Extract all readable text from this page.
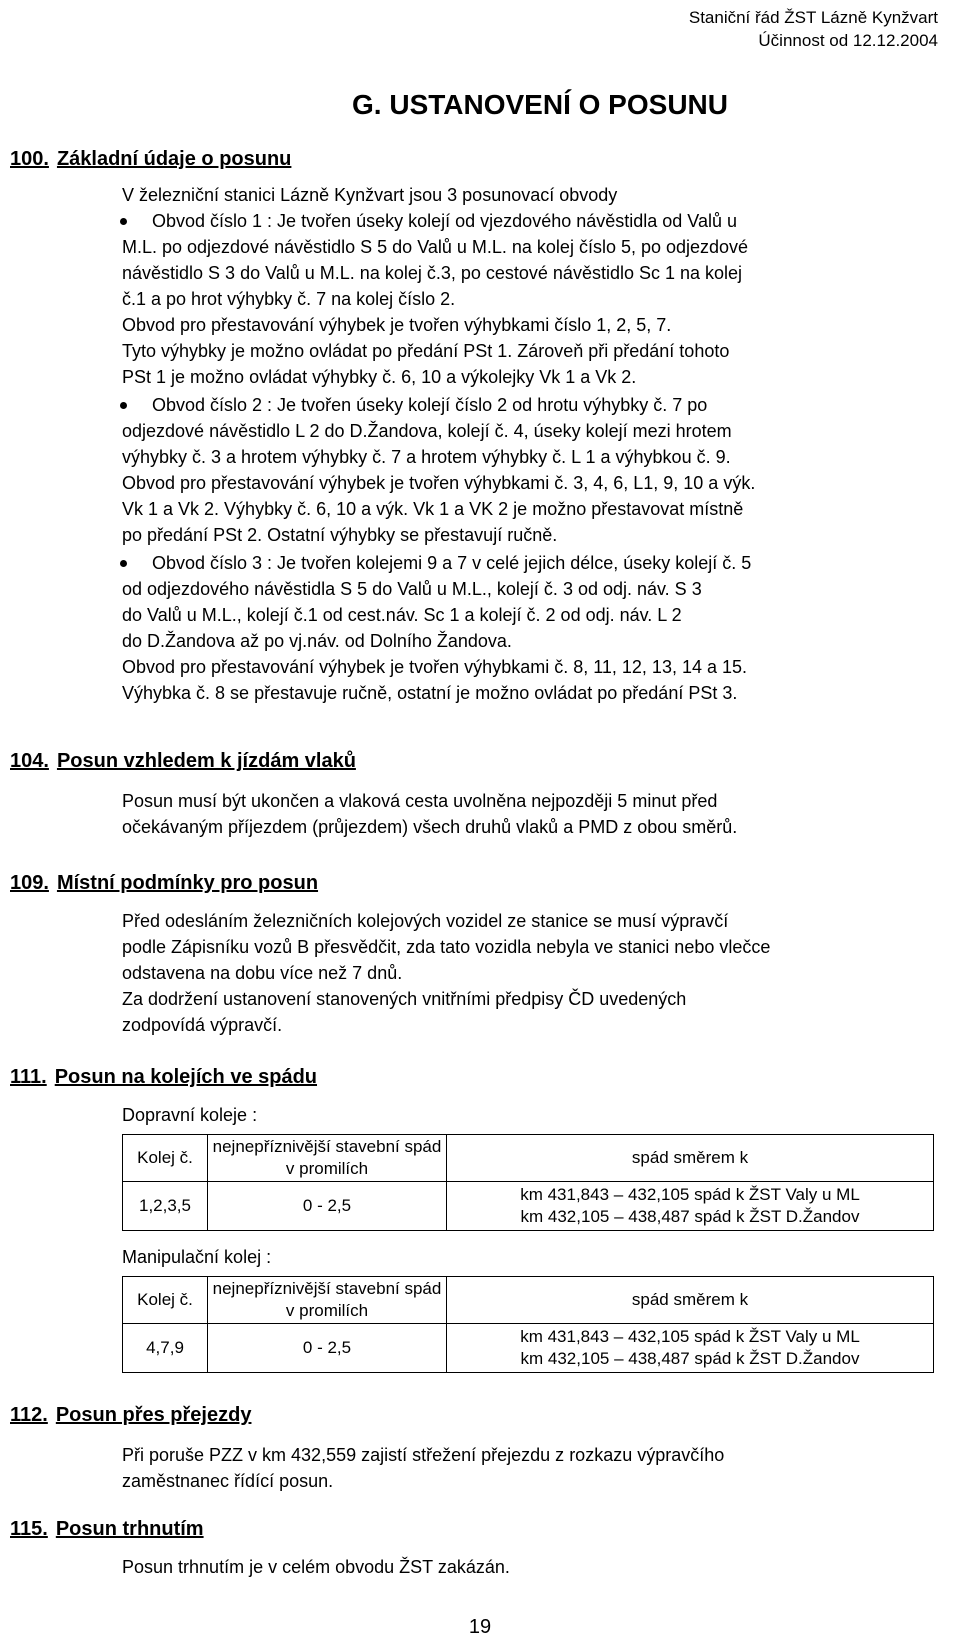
Staniční řád ŽST Lázně Kynžvart
Účinnost od 12.12.2004
G. USTANOVENÍ O POSUNU
100. Základní údaje o posunu

V železniční stanici Lázně Kynžvart jsou 3 posunovací obvody

Obvod číslo 1 : Je tvořen úseky kolejí od vjezdového návěstidla od Valů u

M.L. po odjezdové návěstidlo S 5 do Valů u M.L. na kolej číslo 5, po odjezdové

návěstidlo S 3 do Valů u M.L. na kolej č.3, po cestové návěstidlo Sc 1 na kolej

č.1 a po hrot výhybky č. 7 na kolej číslo 2.

Obvod pro přestavování výhybek je tvořen výhybkami číslo 1, 2, 5, 7.

Tyto výhybky je možno ovládat po předání PSt 1. Zároveň při předání tohoto

PSt 1 je možno ovládat výhybky č. 6, 10 a výkolejky Vk 1 a Vk 2.

Obvod číslo 2 : Je tvořen úseky kolejí číslo 2 od hrotu výhybky č. 7 po

odjezdové návěstidlo L 2 do D.Žandova, kolejí č. 4, úseky kolejí mezi hrotem

výhybky č. 3 a hrotem výhybky č. 7 a hrotem výhybky č. L 1 a výhybkou č. 9.

Obvod pro přestavování výhybek je tvořen výhybkami č. 3, 4, 6, L1, 9, 10 a výk.

Vk 1 a Vk 2. Výhybky č. 6, 10 a výk. Vk 1 a VK 2 je možno přestavovat místně

po předání PSt 2. Ostatní výhybky se přestavují ručně.

Obvod číslo 3 : Je tvořen kolejemi 9 a 7 v celé jejich délce, úseky kolejí č. 5

od odjezdového návěstidla S 5 do Valů u M.L., kolejí č. 3 od odj. náv. S 3

do Valů u M.L., kolejí č.1 od cest.náv. Sc 1 a kolejí č. 2 od odj. náv. L 2

do D.Žandova až po vj.náv. od Dolního Žandova.

Obvod pro přestavování výhybek je tvořen výhybkami č. 8, 11, 12, 13, 14 a 15.

Výhybka č. 8 se přestavuje ručně, ostatní je možno ovládat po předání PSt 3.

104. Posun vzhledem k jízdám vlaků

Posun musí být ukončen a vlaková cesta uvolněna nejpozději 5 minut před

očekávaným příjezdem (průjezdem) všech druhů vlaků a PMD z obou směrů.

109. Místní podmínky pro posun

Před odesláním železničních kolejových vozidel ze stanice se musí výpravčí

podle Zápisníku vozů B přesvědčit, zda tato vozidla nebyla ve stanici nebo vlečce

odstavena na dobu více než 7 dnů.

Za dodržení ustanovení stanovených vnitřními předpisy ČD uvedených

zodpovídá výpravčí.

111. Posun na kolejích ve spádu
Dopravní koleje :
Kolej č.	nejnepříznivější stavební spád v promilích	spád směrem k
1,2,3,5	0 - 2,5	km 431,843 – 432,105 spád k ŽST Valy u ML
km 432,105 – 438,487 spád k ŽST D.Žandov
Manipulační kolej :
Kolej č.	nejnepříznivější stavební spád v promilích	spád směrem k
4,7,9	0 - 2,5	km 431,843 – 432,105 spád k ŽST Valy u ML
km 432,105 – 438,487 spád k ŽST D.Žandov
112. Posun přes přejezdy

Při poruše PZZ v km 432,559 zajistí střežení přejezdu z rozkazu výpravčího

zaměstnanec řídící posun.

115. Posun trhnutím

Posun trhnutím je v celém obvodu ŽST zakázán.

19
